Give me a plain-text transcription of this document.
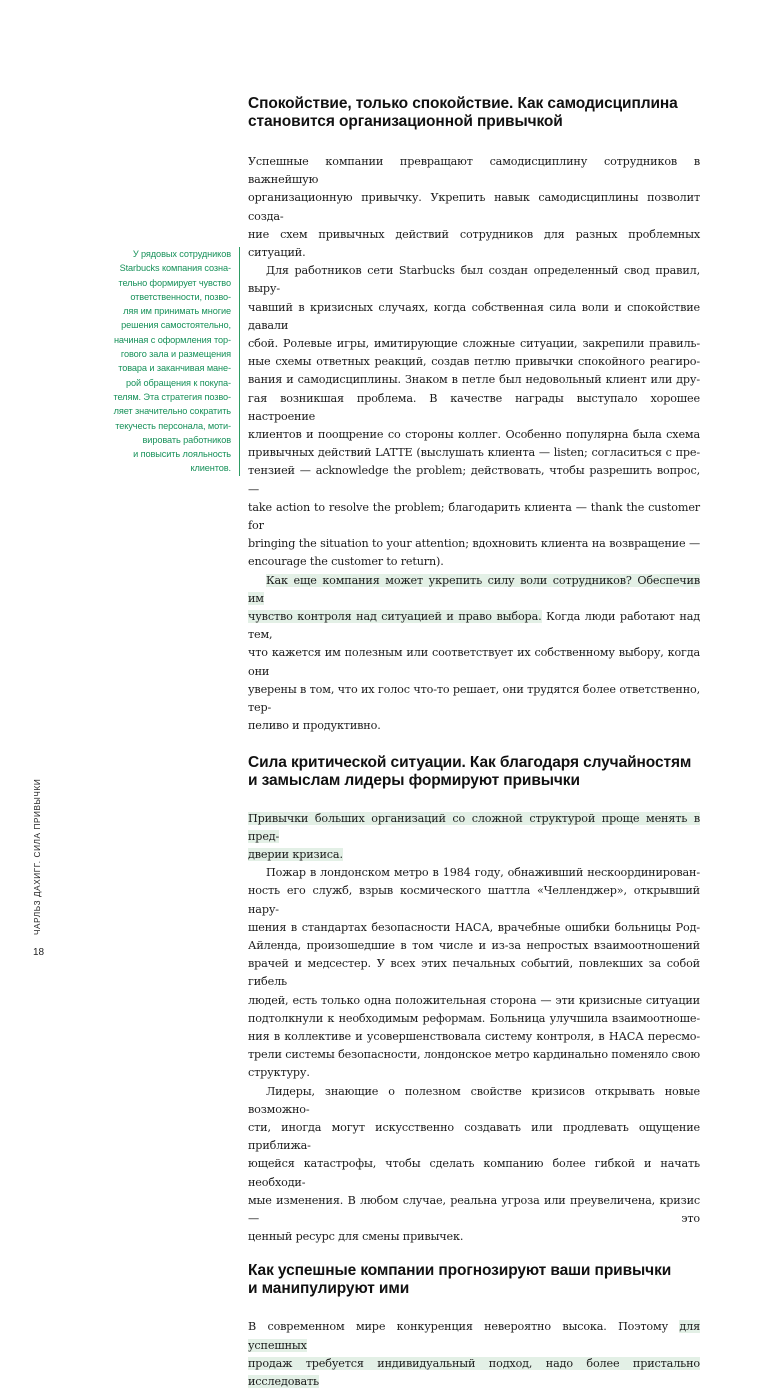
У рядовых сотрудников
Starbucks компания созна-
тельно формирует чувство
ответственности, позво-
ляя им принимать многие
решения самостоятельно,
начиная с оформления тор-
гового зала и размещения
товара и заканчивая мане-
рой обращения к покупа-
телям. Эта стратегия позво-
ляет значительно сократить
текучесть персонала, моти-
вировать работников
и повысить лояльность
клиентов.
Спокойствие, только спокойствие. Как самодисциплина
становится организационной привычкой

Успешные компании превращают самодисциплину сотрудников в важнейшую
организационную привычку. Укрепить навык самодисциплины позволит созда-
ние схем привычных действий сотрудников для разных проблемных ситуаций.

Для работников сети Starbucks был создан определенный свод правил, выру-
чавший в кризисных случаях, когда собственная сила воли и спокойствие давали
сбой. Ролевые игры, имитирующие сложные ситуации, закрепили правиль-
ные схемы ответных реакций, создав петлю привычки спокойного реагиро-
вания и самодисциплины. Знаком в петле был недовольный клиент или дру-
гая возникшая проблема. В качестве награды выступало хорошее настроение
клиентов и поощрение со стороны коллег. Особенно популярна была схема
привычных действий LATTE (выслушать клиента — listen; согласиться с пре-
тензией — acknowledge the problem; действовать, чтобы разрешить вопрос, —
take action to resolve the problem; благодарить клиента — thank the customer for
bringing the situation to your attention; вдохновить клиента на возвращение —
encourage the customer to return).

Как еще компания может укрепить силу воли сотрудников? Обеспечив им
чувство контроля над ситуацией и право выбора. Когда люди работают над тем,
что кажется им полезным или соответствует их собственному выбору, когда они
уверены в том, что их голос что-то решает, они трудятся более ответственно, тер-
пеливо и продуктивно.

Сила критической ситуации. Как благодаря случайностям
и замыслам лидеры формируют привычки

Привычки больших организаций со сложной структурой проще менять в пред-
дверии кризиса.

Пожар в лондонском метро в 1984 году, обнаживший нескоординирован-
ность его служб, взрыв космического шаттла «Челленджер», открывший нару-
шения в стандартах безопасности НАСА, врачебные ошибки больницы Род-
Айленда, произошедшие в том числе и из-за непростых взаимоотношений
врачей и медсестер. У всех этих печальных событий, повлекших за собой гибель
людей, есть только одна положительная сторона — эти кризисные ситуации
подтолкнули к необходимым реформам. Больница улучшила взаимоотноше-
ния в коллективе и усовершенствовала систему контроля, в НАСА пересмо-
трели системы безопасности, лондонское метро кардинально поменяло свою
структуру.

Лидеры, знающие о полезном свойстве кризисов открывать новые возможно-
сти, иногда могут искусственно создавать или продлевать ощущение приближа-
ющейся катастрофы, чтобы сделать компанию более гибкой и начать необходи-
мые изменения. В любом случае, реальна угроза или преувеличена, кризис — это
ценный ресурс для смены привычек.

Как успешные компании прогнозируют ваши привычки
и манипулируют ими

В современном мире конкуренция невероятно высока. Поэтому для успешных
продаж требуется индивидуальный подход, надо более пристально исследовать

ЧАРЛЬЗ ДАХИГГ. СИЛА ПРИВЫЧКИ
18
